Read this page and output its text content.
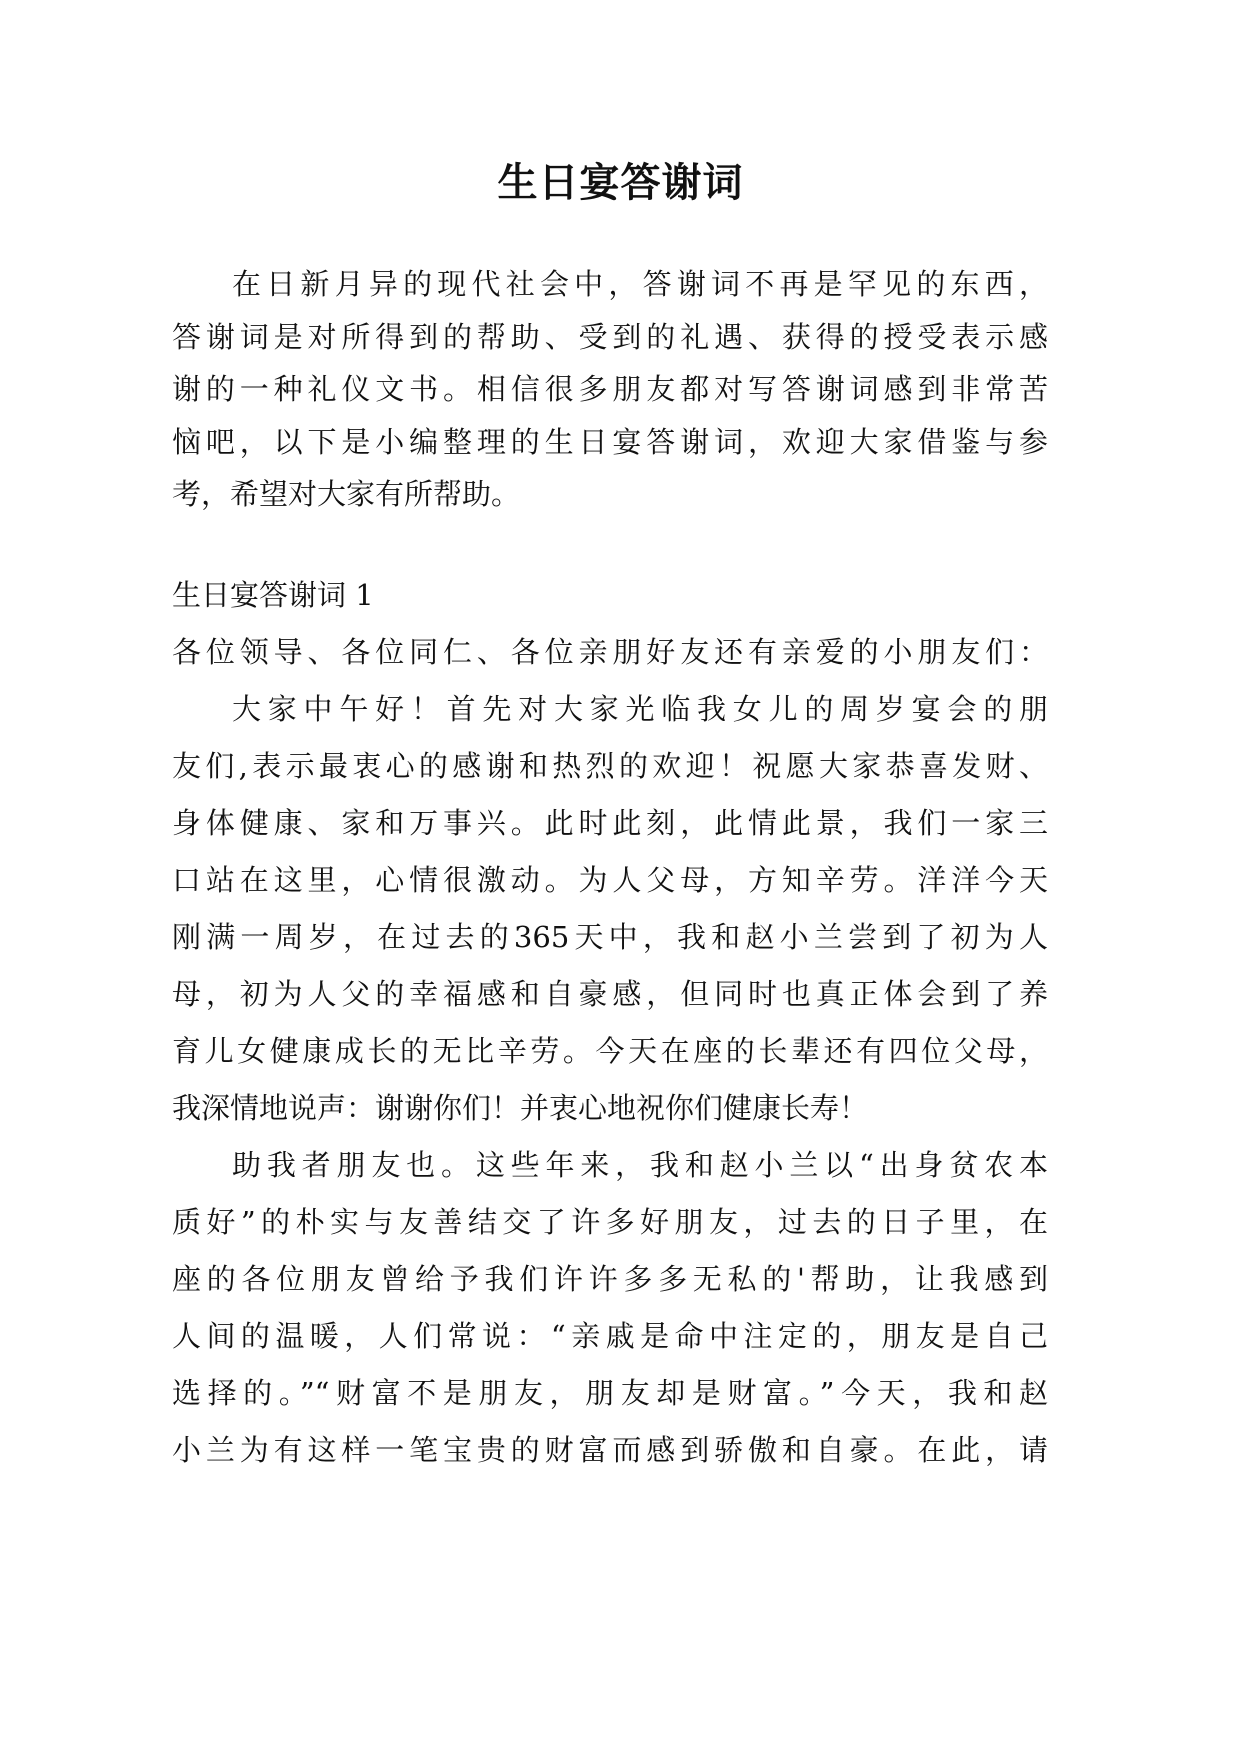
生日宴答谢词
在日新月异的现代社会中，答谢词不再是罕见的东西，
答谢词是对所得到的帮助、受到的礼遇、获得的授受表示感
谢的一种礼仪文书。相信很多朋友都对写答谢词感到非常苦
恼吧，以下是小编整理的生日宴答谢词，欢迎大家借鉴与参
考，希望对大家有所帮助。
生日宴答谢词 1
各位领导、各位同仁、各位亲朋好友还有亲爱的小朋友们：
大家中午好！首先对大家光临我女儿的周岁宴会的朋
友们,表示最衷心的感谢和热烈的欢迎！祝愿大家恭喜发财、
身体健康、家和万事兴。此时此刻，此情此景，我们一家三
口站在这里，心情很激动。为人父母，方知辛劳。洋洋今天
刚满一周岁，在过去的365天中，我和赵小兰尝到了初为人
母，初为人父的幸福感和自豪感，但同时也真正体会到了养
育儿女健康成长的无比辛劳。今天在座的长辈还有四位父母，
我深情地说声：谢谢你们！并衷心地祝你们健康长寿！
助我者朋友也。这些年来，我和赵小兰以“出身贫农本
质好”的朴实与友善结交了许多好朋友，过去的日子里，在
座的各位朋友曾给予我们许许多多无私的'帮助，让我感到
人间的温暖，人们常说：“亲戚是命中注定的，朋友是自己
选择的。”“财富不是朋友，朋友却是财富。”今天，我和赵
小兰为有这样一笔宝贵的财富而感到骄傲和自豪。在此，请
